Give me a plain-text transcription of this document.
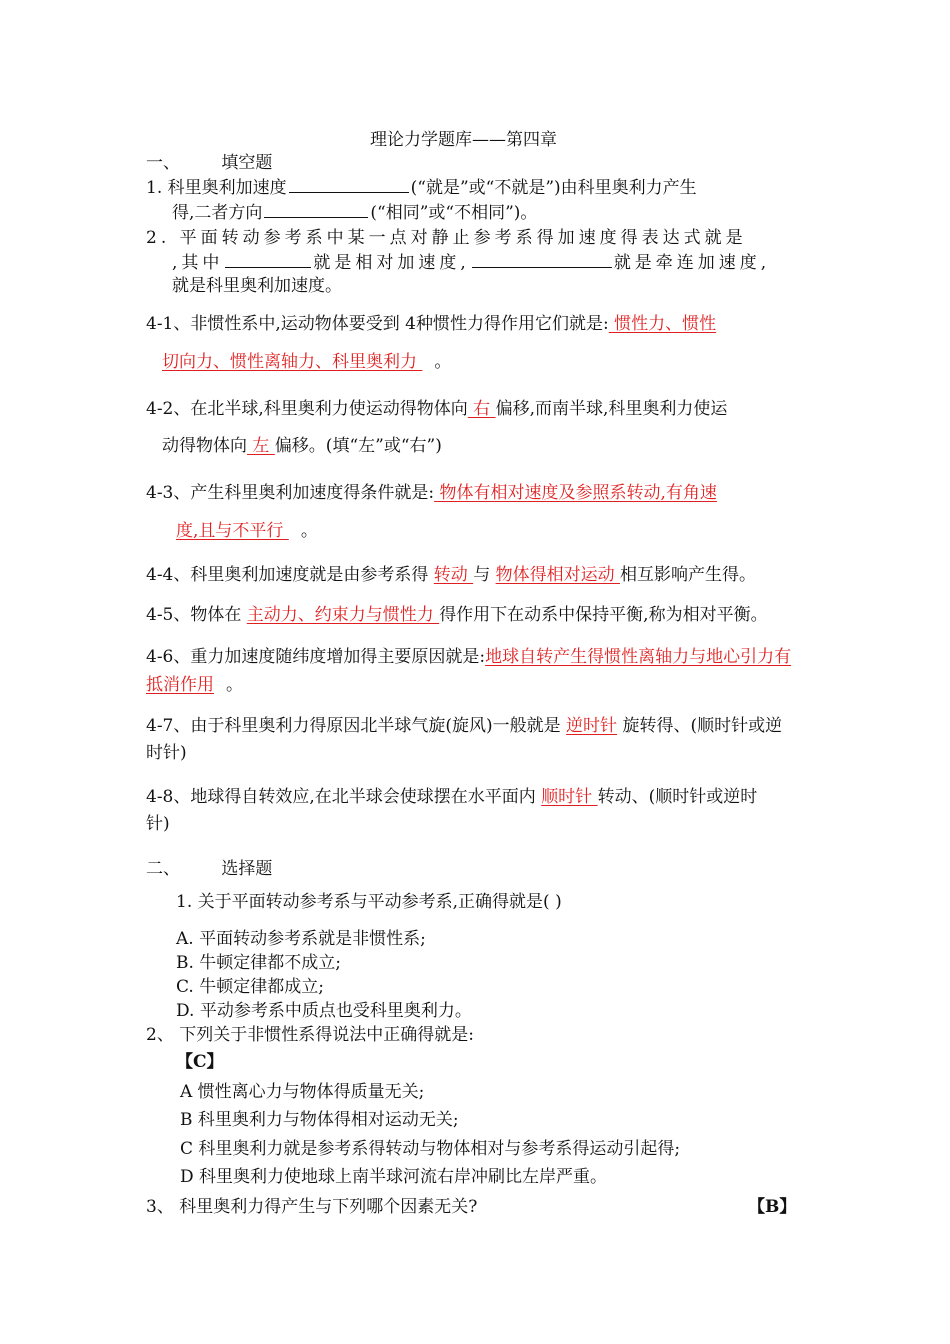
理论力学题库——第四章
一、 填空题
1. 科里奥利加速度	(“就是”或“不就是”)由科里奥利力产生
得,二者方向	(“相同”或“不相同”)。
2. 平面转动参考系中某一点对静止参考系得加速度得表达式就是
,其中	就是相对加速度,	就是牵连加速度,
就是科里奥利加速度。
4-1、非惯性系中,运动物体要受到 4种惯性力得作用它们就是: 惯性力、惯性
切向力、惯性离轴力、科里奥利力 。
4-2、在北半球,科里奥利力使运动得物体向 右 偏移,而南半球,科里奥利力使运
动得物体向 左 偏移。(填“左”或“右”)
4-3、产生科里奥利加速度得条件就是: 物体有相对速度及参照系转动,有角速
度,且与不平行 。
4-4、科里奥利加速度就是由参考系得 转动 与 物体得相对运动 相互影响产生得。
4-5、物体在 主动力、约束力与惯性力 得作用下在动系中保持平衡,称为相对平衡。
4-6、重力加速度随纬度增加得主要原因就是:地球自转产生得惯性离轴力与地心引力有
抵消作用 。
4-7、由于科里奥利力得原因北半球气旋(旋风)一般就是 逆时针 旋转得、(顺时针或逆
时针)
4-8、地球得自转效应,在北半球会使球摆在水平面内 顺时针 转动、(顺时针或逆时
针)
二、 选择题
1. 关于平面转动参考系与平动参考系,正确得就是( )
A. 平面转动参考系就是非惯性系;
B. 牛顿定律都不成立;
C. 牛顿定律都成立;
D. 平动参考系中质点也受科里奥利力。
2、 下列关于非惯性系得说法中正确得就是:
【C】
A 惯性离心力与物体得质量无关;
B 科里奥利力与物体得相对运动无关;
C 科里奥利力就是参考系得转动与物体相对与参考系得运动引起得;
D 科里奥利力使地球上南半球河流右岸冲刷比左岸严重。
3、 科里奥利力得产生与下列哪个因素无关?	【B】
